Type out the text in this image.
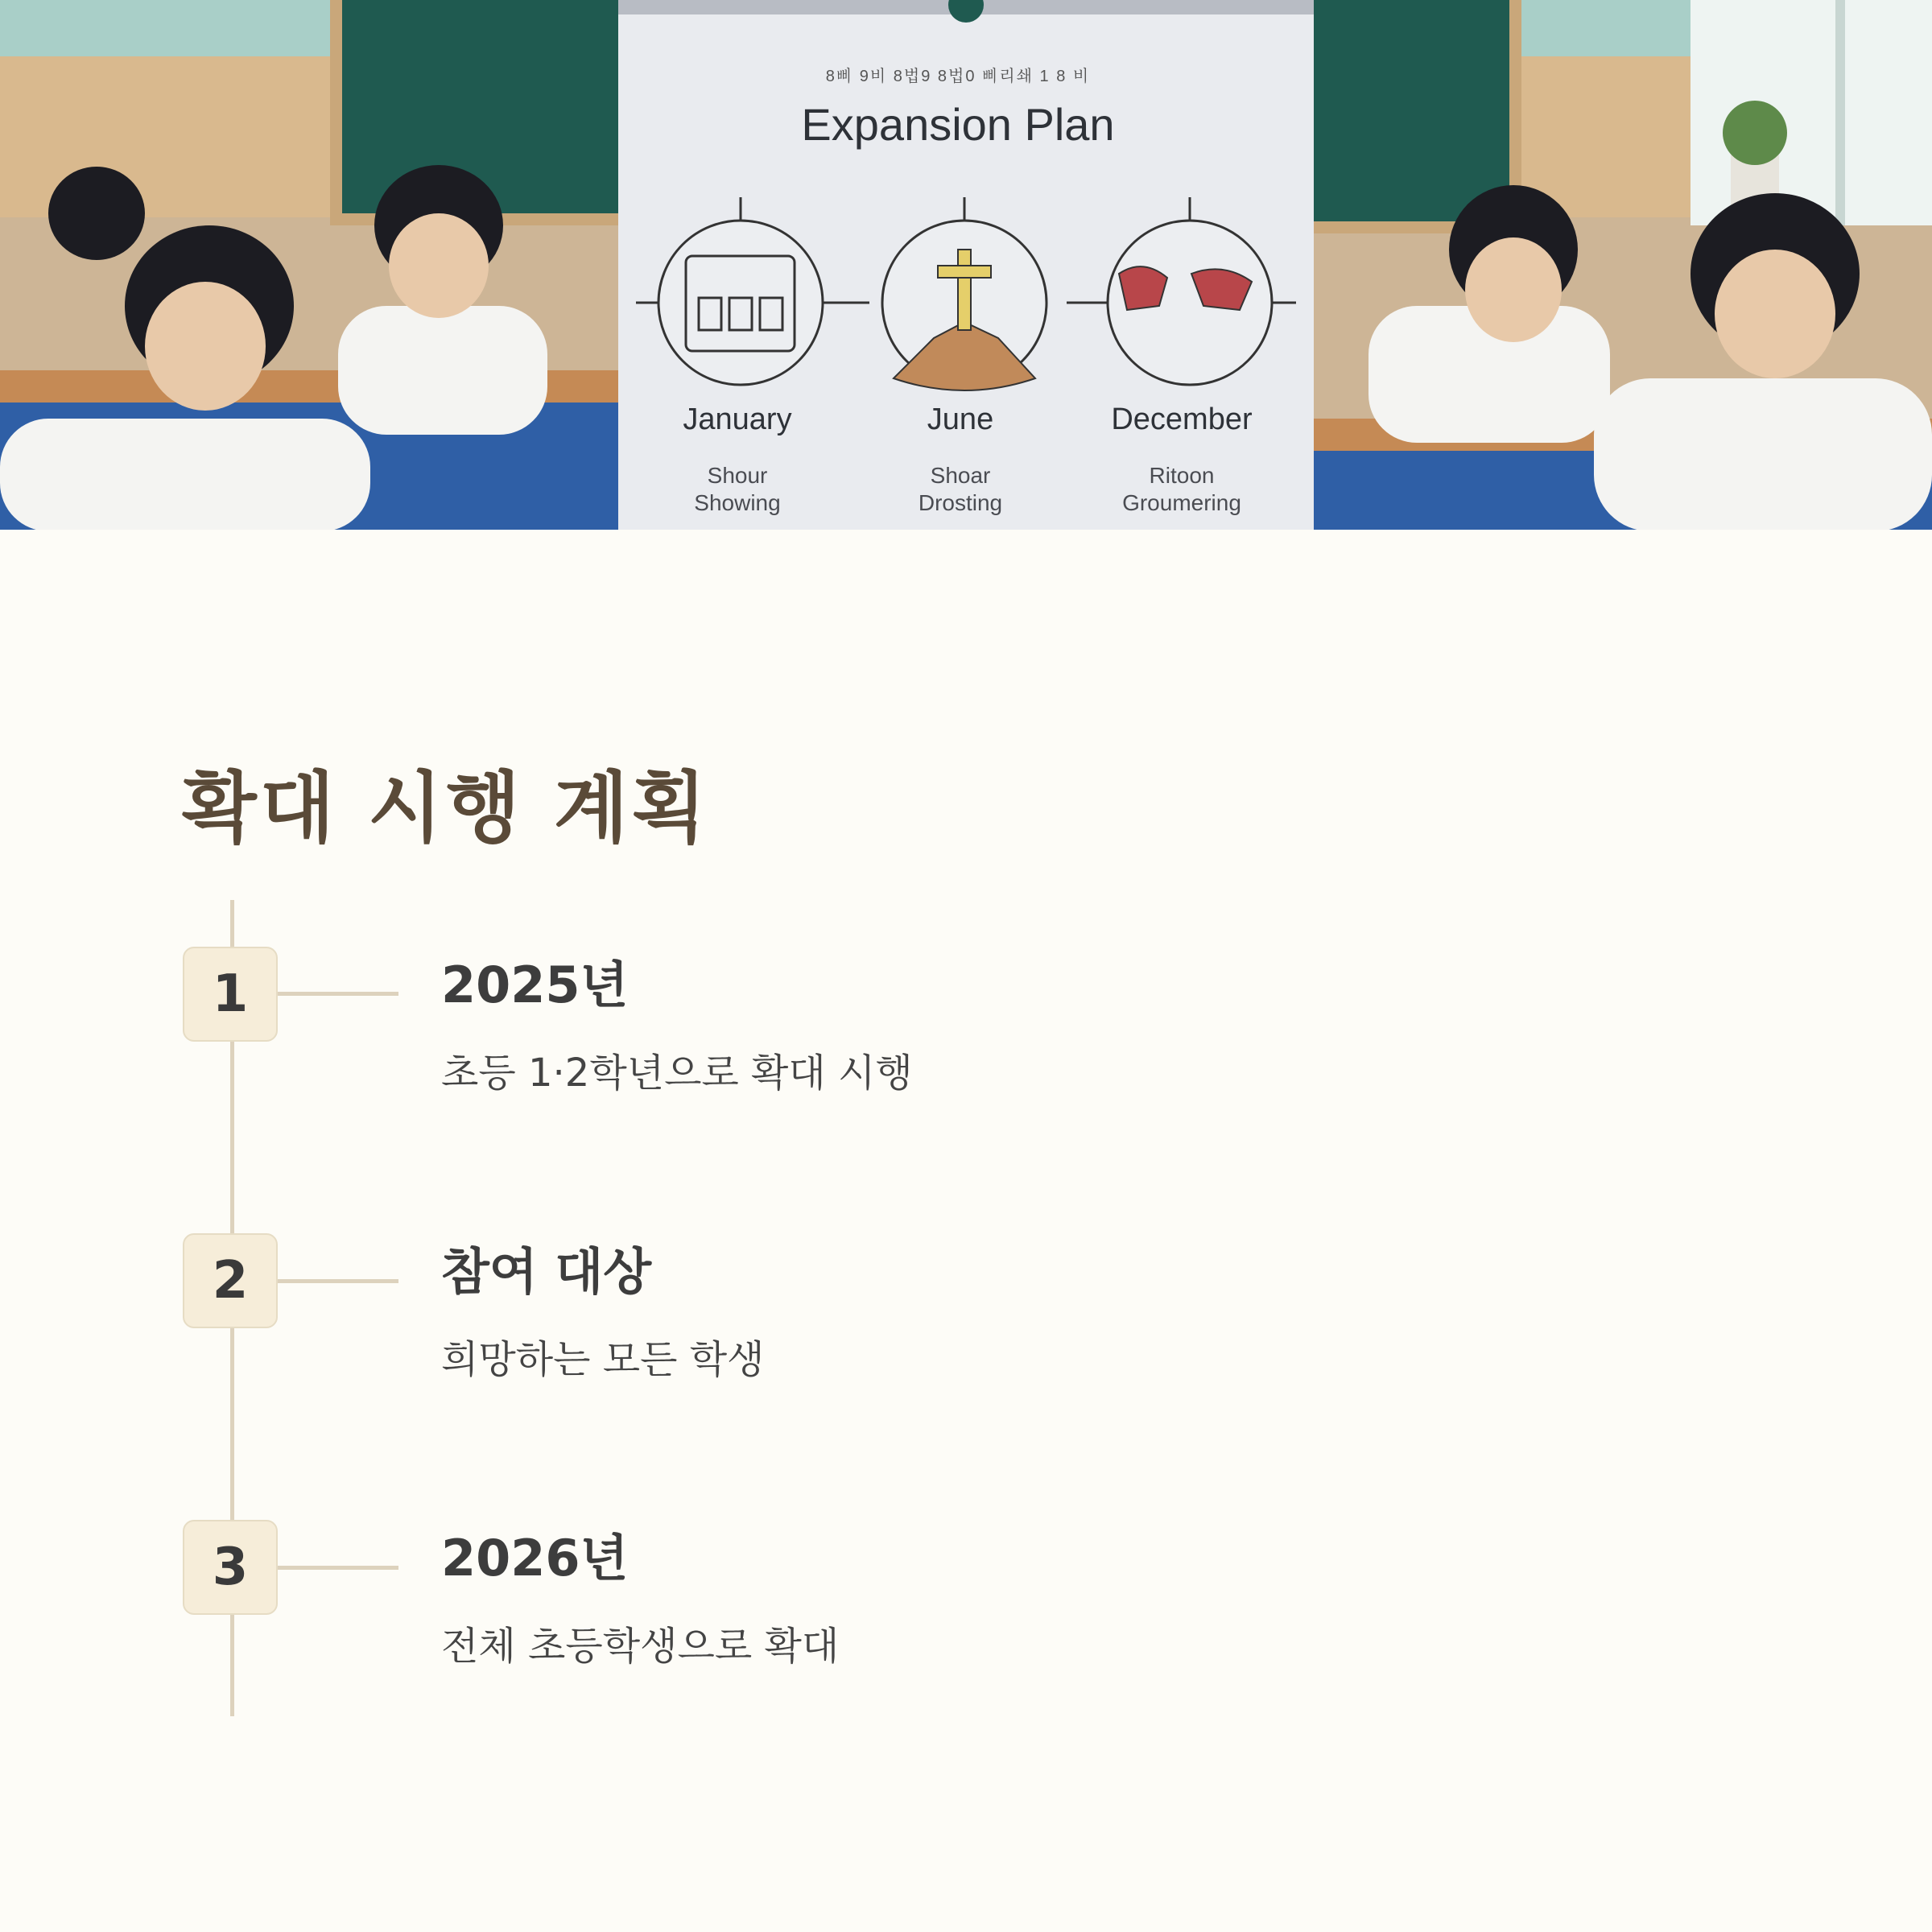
8삐 9비 8법9 8법0 삐리쇄 1 8 비
Expansion Plan
January	June	December
Shour
Showing
Shoar
Drosting
Ritoon
Groumering
확대 시행 계획
1	2025년
초등 1·2학년으로 확대 시행
2	참여 대상
희망하는 모든 학생
3	2026년
전체 초등학생으로 확대
